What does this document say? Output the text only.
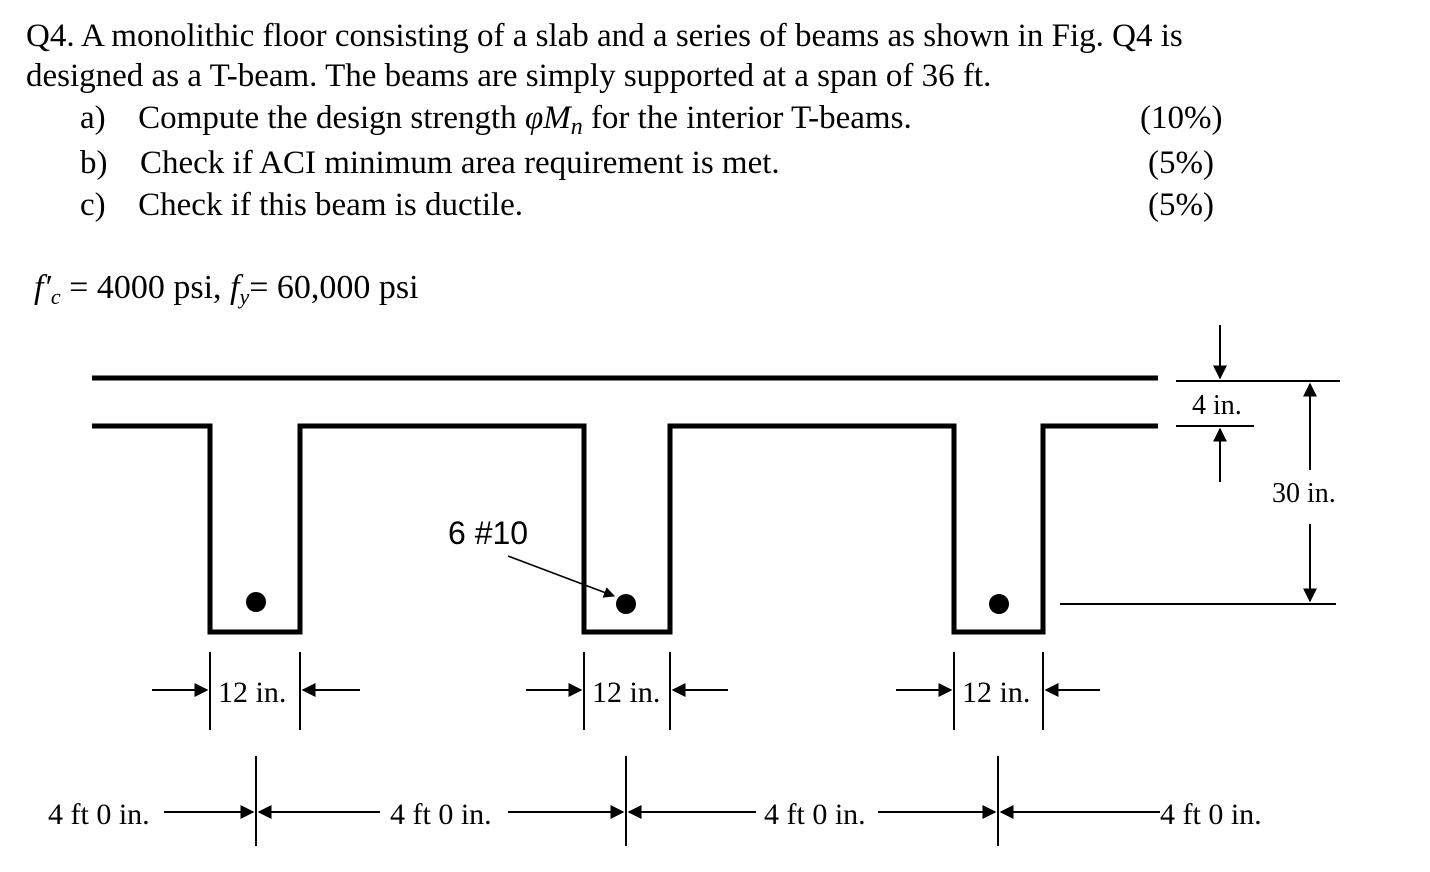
Q4. A monolithic floor consisting of a slab and a series of beams as shown in Fig. Q4 is
designed as a T-beam. The beams are simply supported at a span of 36 ft.
a) Compute the design strength $\varphi M_n$ for the interior T-beams.
b) Check if ACI minimum area requirement is met.
c) Check if this beam is ductile.
(10%)
(5%)
(5%)
$f'_c = 4000$ psi, $f_y= 60,000$ psi
6 #10
4 in.
30 in.
12 in.	12 in.	12 in.
4 ft 0 in.	4 ft 0 in.	4 ft 0 in.	4 ft 0 in.
